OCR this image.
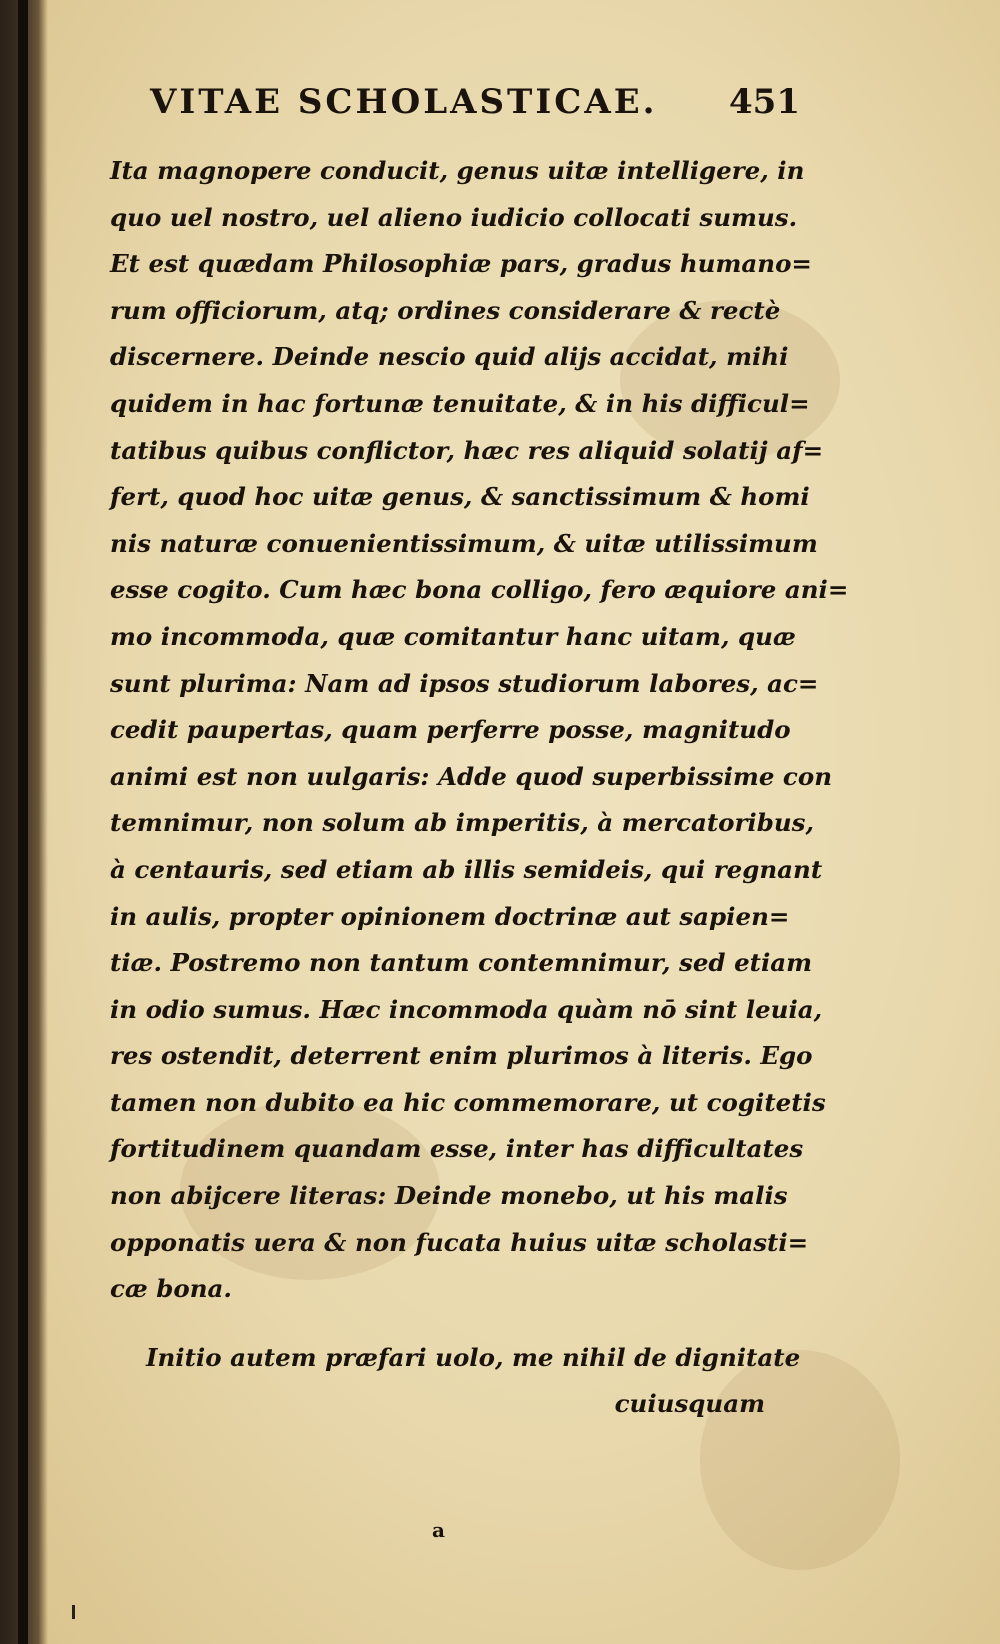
VITAE SCHOLASTICAE. 451
Ita magnopere conducit, genus uitæ intelligere, in
quo uel nostro, uel alieno iudicio collocati sumus.
Et est quædam Philosophiæ pars, gradus humano=
rum officiorum, atq; ordines considerare & rectè
discernere. Deinde nescio quid alijs accidat, mihi
quidem in hac fortunæ tenuitate, & in his difficul=
tatibus quibus conflictor, hæc res aliquid solatij af=
fert, quod hoc uitæ genus, & sanctissimum & homi
nis naturæ conuenientissimum, & uitæ utilissimum
esse cogito. Cum hæc bona colligo, fero æquiore ani=
mo incommoda, quæ comitantur hanc uitam, quæ
sunt plurima: Nam ad ipsos studiorum labores, ac=
cedit paupertas, quam perferre posse, magnitudo
animi est non uulgaris: Adde quod superbissime con
temnimur, non solum ab imperitis, à mercatoribus,
à centauris, sed etiam ab illis semideis, qui regnant
in aulis, propter opinionem doctrinæ aut sapien=
tiæ. Postremo non tantum contemnimur, sed etiam
in odio sumus. Hæc incommoda quàm nō sint leuia,
res ostendit, deterrent enim plurimos à literis. Ego
tamen non dubito ea hic commemorare, ut cogitetis
fortitudinem quandam esse, inter has difficultates
non abijcere literas: Deinde monebo, ut his malis
opponatis uera & non fucata huius uitæ scholasti=
cæ bona.
Initio autem præfari uolo, me nihil de dignitate
cuiusquam
a
